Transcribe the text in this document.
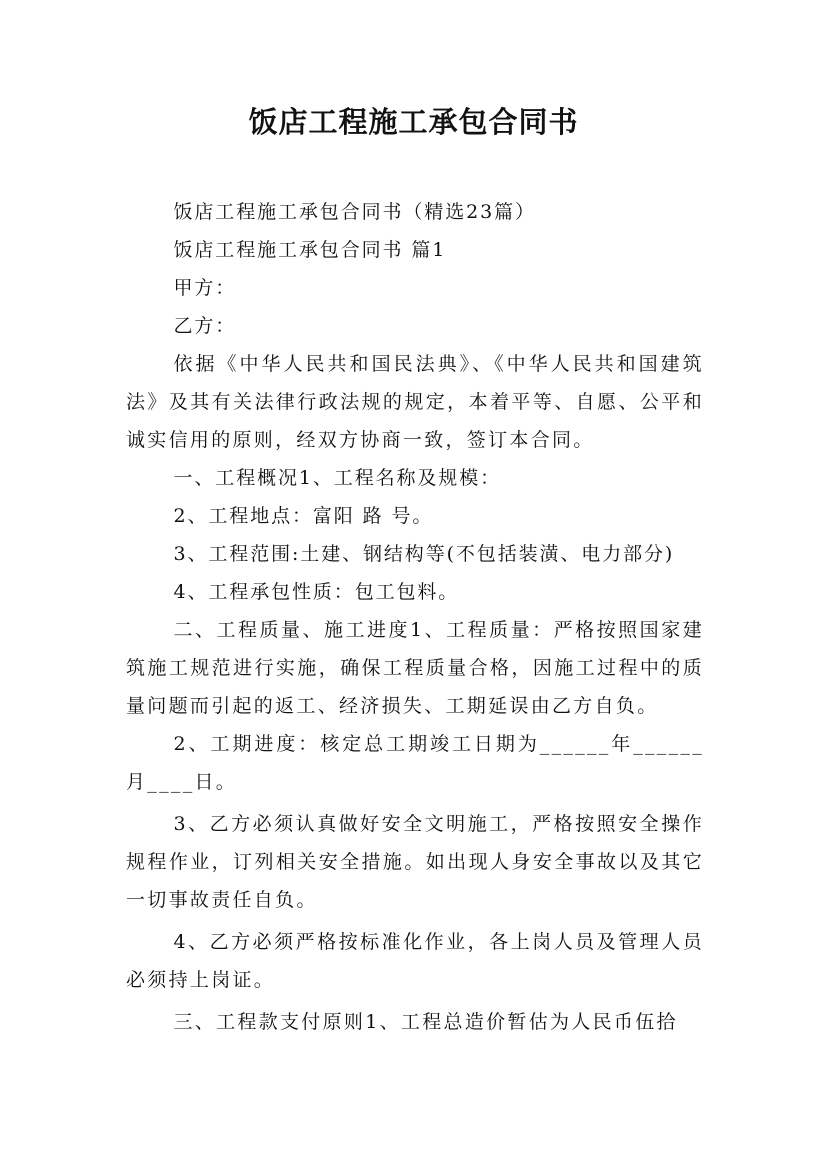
饭店工程施工承包合同书

饭店工程施工承包合同书（精选23篇）

饭店工程施工承包合同书 篇1

甲方：

乙方：

依据《中华人民共和国民法典》、《中华人民共和国建筑法》及其有关法律行政法规的规定，本着平等、自愿、公平和诚实信用的原则，经双方协商一致，签订本合同。

一、工程概况1、工程名称及规模：

2、工程地点：富阳 路 号。

3、工程范围:土建、钢结构等(不包括装潢、电力部分)

4、工程承包性质：包工包料。

二、工程质量、施工进度1、工程质量：严格按照国家建筑施工规范进行实施，确保工程质量合格，因施工过程中的质量问题而引起的返工、经济损失、工期延误由乙方自负。

2、工期进度：核定总工期竣工日期为______年______月____日。

3、乙方必须认真做好安全文明施工，严格按照安全操作规程作业，订列相关安全措施。如出现人身安全事故以及其它一切事故责任自负。

4、乙方必须严格按标准化作业，各上岗人员及管理人员必须持上岗证。

三、工程款支付原则1、工程总造价暂估为人民币伍拾
